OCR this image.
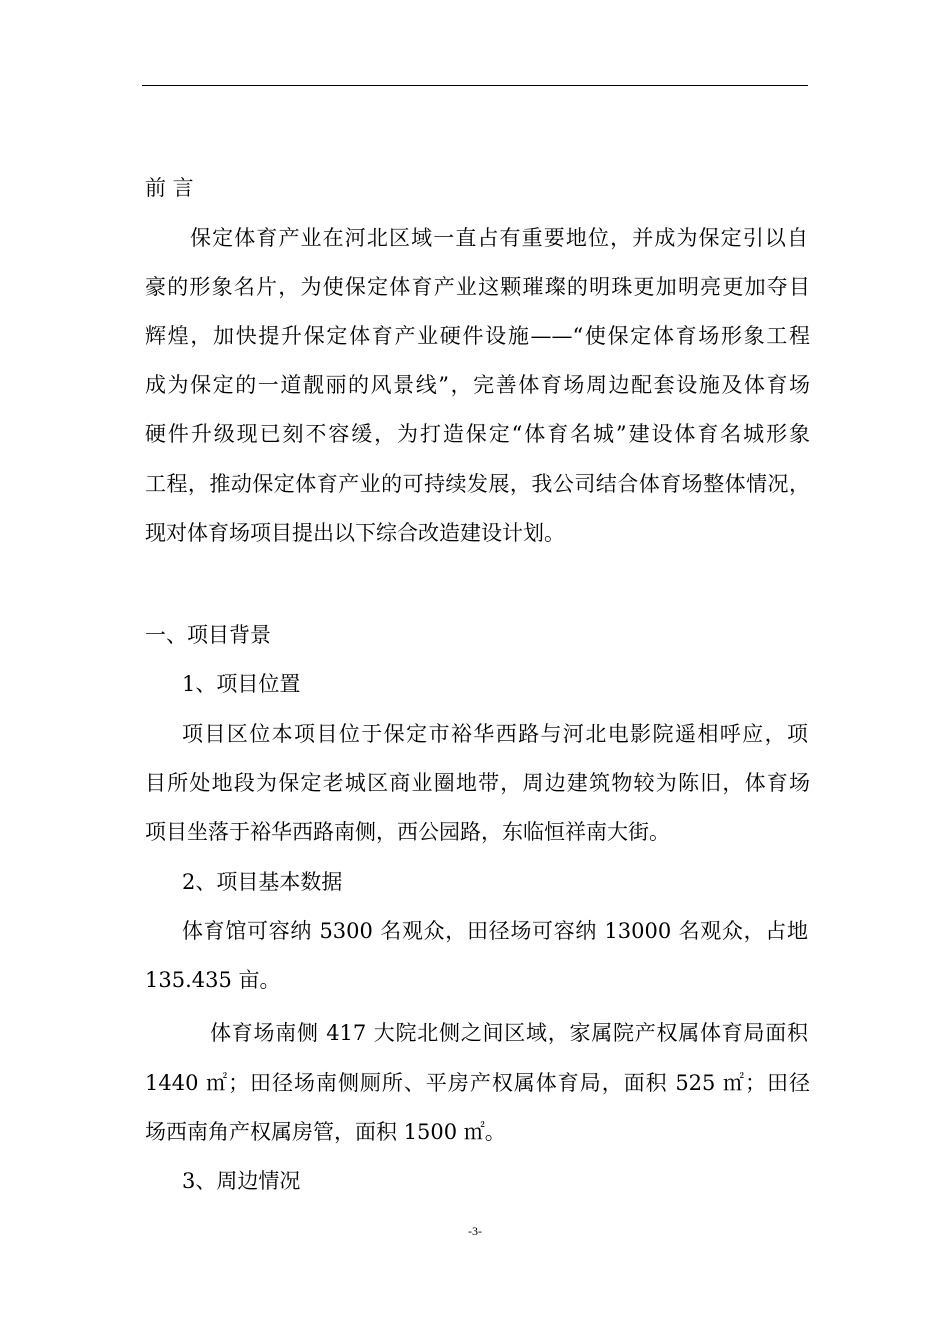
前 言
保定体育产业在河北区域一直占有重要地位，并成为保定引以自
豪的形象名片，为使保定体育产业这颗璀璨的明珠更加明亮更加夺目
辉煌，加快提升保定体育产业硬件设施——“使保定体育场形象工程
成为保定的一道靓丽的风景线”，完善体育场周边配套设施及体育场
硬件升级现已刻不容缓，为打造保定“体育名城”建设体育名城形象
工程，推动保定体育产业的可持续发展，我公司结合体育场整体情况，
现对体育场项目提出以下综合改造建设计划。
一、项目背景
1、项目位置
项目区位本项目位于保定市裕华西路与河北电影院遥相呼应，项
目所处地段为保定老城区商业圈地带，周边建筑物较为陈旧，体育场
项目坐落于裕华西路南侧，西公园路，东临恒祥南大街。
2、项目基本数据
体育馆可容纳 5300 名观众，田径场可容纳 13000 名观众，占地
135.435 亩。
体育场南侧 417 大院北侧之间区域，家属院产权属体育局面积
1440 ㎡；田径场南侧厕所、平房产权属体育局，面积 525 ㎡；田径
场西南角产权属房管，面积 1500 ㎡。
3、周边情况
-3-
